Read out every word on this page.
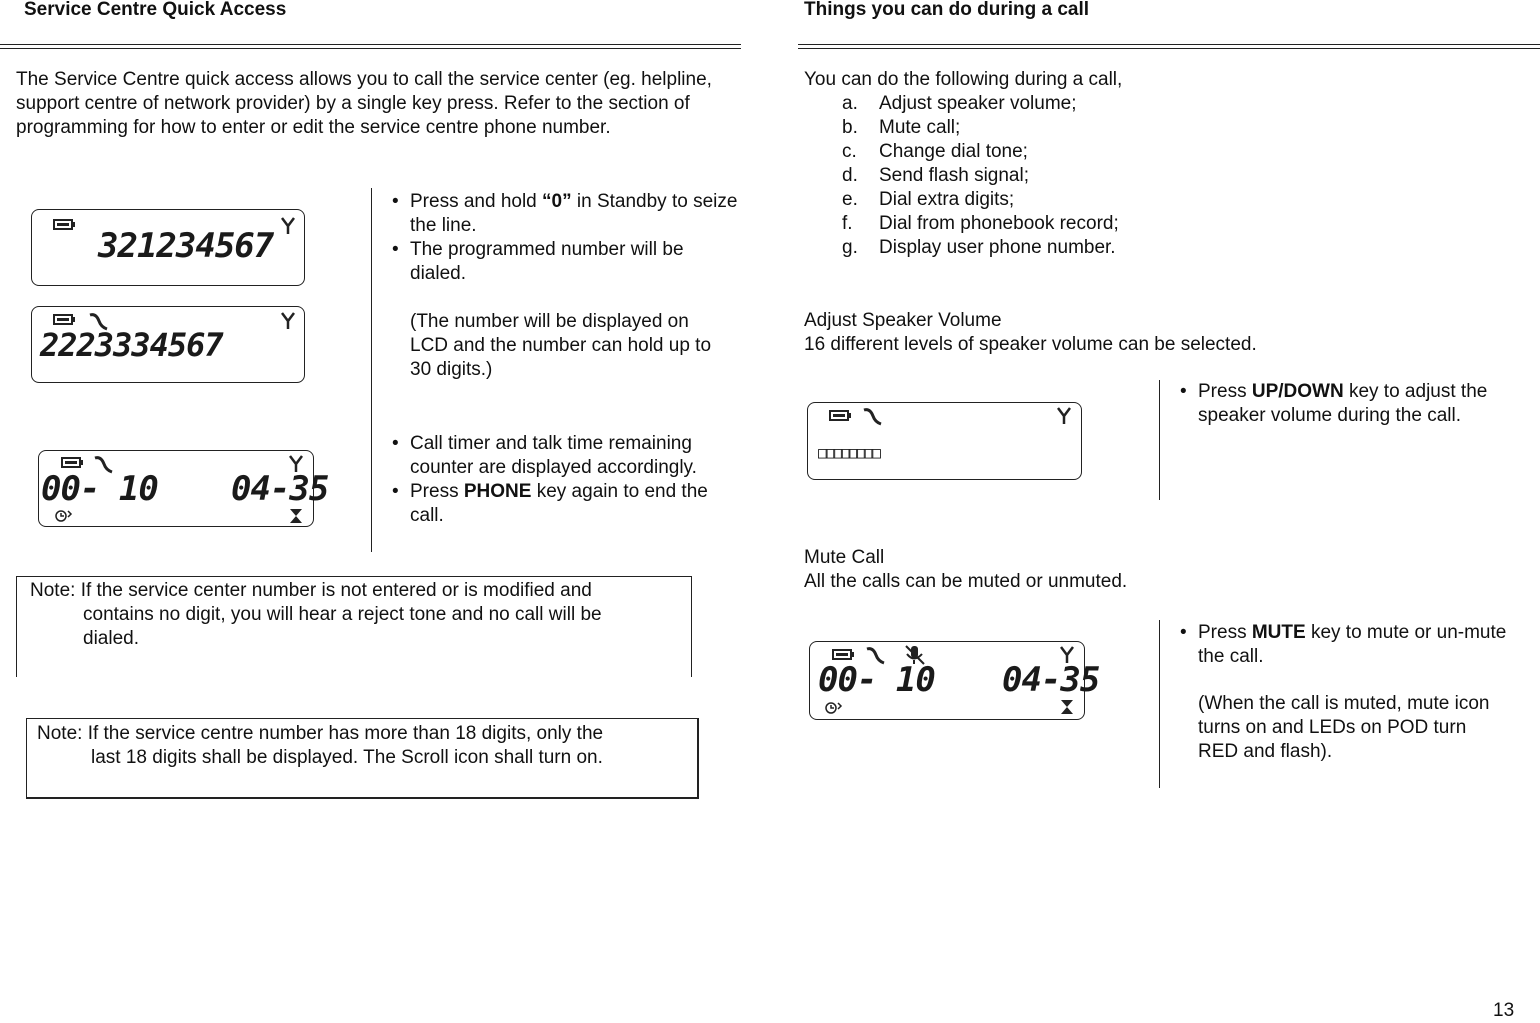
Service Centre Quick Access
The Service Centre quick access allows you to call the service center (eg. helpline, support centre of network provider) by a single key press. Refer to the section of programming for how to enter or edit the service centre phone number.
321234567
2223334567
00- 10 04-35
• Press and hold “0” in Standby to seize the line.
• The programmed number will be dialed.
(The number will be displayed on LCD and the number can hold up to 30 digits.)
• Call timer and talk time remaining counter are displayed accordingly.
• Press PHONE key again to end the call.
Note: If the service center number is not entered or is modified and
contains no digit, you will hear a reject tone and no call will be
dialed.
Note: If the service centre number has more than 18 digits, only the
last 18 digits shall be displayed. The Scroll icon shall turn on.
Things you can do during a call
You can do the following during a call,
a. Adjust speaker volume;
b. Mute call;
c. Change dial tone;
d. Send flash signal;
e. Dial extra digits;
f. Dial from phonebook record;
g. Display user phone number.
Adjust Speaker Volume
16 different levels of speaker volume can be selected.
□□□□□□□□
• Press UP/DOWN key to adjust the speaker volume during the call.
Mute Call
All the calls can be muted or unmuted.
00- 10 04-35
• Press MUTE key to mute or un-mute the call.
(When the call is muted, mute icon turns on and LEDs on POD turn RED and flash).
13
